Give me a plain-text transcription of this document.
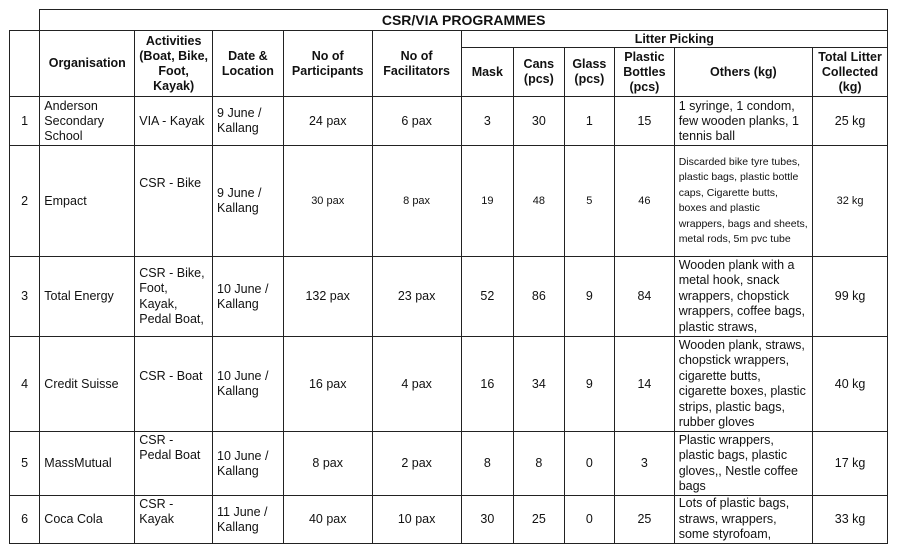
	CSR/VIA PROGRAMMES										
	Organisation	Activities (Boat, Bike, Foot, Kayak)	Date & Location	No of Participants	No of Facilitators	Litter Picking					
						Mask	Cans (pcs)	Glass (pcs)	Plastic Bottles (pcs)	Others (kg)	Total Litter Collected (kg)
1	Anderson Secondary School	VIA - Kayak	9 June / Kallang	24 pax	6 pax	3	30	1	15	1 syringe, 1 condom, few wooden planks, 1 tennis ball	25 kg
2	Empact	CSR - Bike	9 June / Kallang	30 pax	8 pax	19	48	5	46	Discarded bike tyre tubes, plastic bags, plastic bottle caps, Cigarette butts, boxes and plastic wrappers, bags and sheets, metal rods, 5m pvc tube	32 kg
3	Total Energy	CSR - Bike, Foot, Kayak, Pedal Boat,	10 June / Kallang	132 pax	23 pax	52	86	9	84	Wooden plank with a metal hook, snack wrappers, chopstick wrappers, coffee bags, plastic straws,	99 kg
4	Credit Suisse	CSR - Boat	10 June / Kallang	16 pax	4 pax	16	34	9	14	Wooden plank, straws, chopstick wrappers, cigarette butts, cigarette boxes, plastic strips, plastic bags, rubber gloves	40 kg
5	MassMutual	CSR - Pedal Boat	10 June / Kallang	8 pax	2 pax	8	8	0	3	Plastic wrappers, plastic bags, plastic gloves,, Nestle coffee bags	17 kg
6	Coca Cola	CSR - Kayak	11 June / Kallang	40 pax	10 pax	30	25	0	25	Lots of plastic bags, straws, wrappers, some styrofoam,	33 kg
